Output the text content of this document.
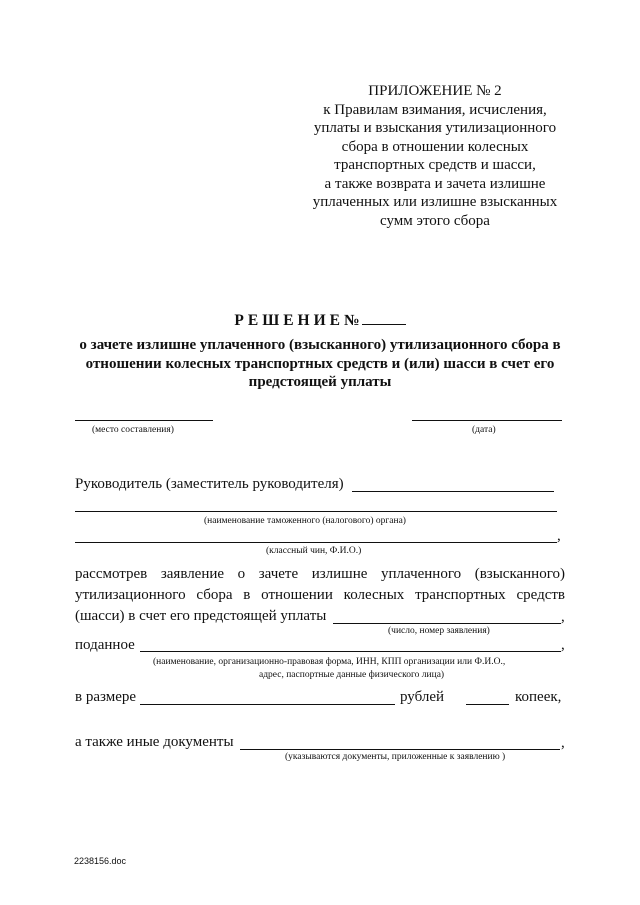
ПРИЛОЖЕНИЕ № 2
к Правилам взимания, исчисления,
уплаты и взыскания утилизационного
сбора в отношении колесных
транспортных средств и шасси,
а также возврата и зачета излишне
уплаченных или излишне взысканных
сумм этого сбора
РЕШЕНИЕ№
о зачете излишне уплаченного (взысканного) утилизационного сбора в
отношении колесных транспортных средств и (или) шасси в счет его
предстоящей уплаты
(место составления)	(дата)
Руководитель (заместитель руководителя)
(наименование таможенного (налогового) органа)
,
(классный чин, Ф.И.О.)
рассмотрев заявление о зачете излишне уплаченного (взысканного)
утилизационного сбора в отношении колесных транспортных средств
(шасси) в счет его предстоящей уплаты	,
(число, номер заявления)
поданное	,
(наименование, организационно-правовая форма, ИНН, КПП организации или Ф.И.О.,
адрес, паспортные данные физического лица)
в размере	рублей	копеек,
а также иные документы	,
(указываются документы, приложенные к заявлению )
2238156.doc
